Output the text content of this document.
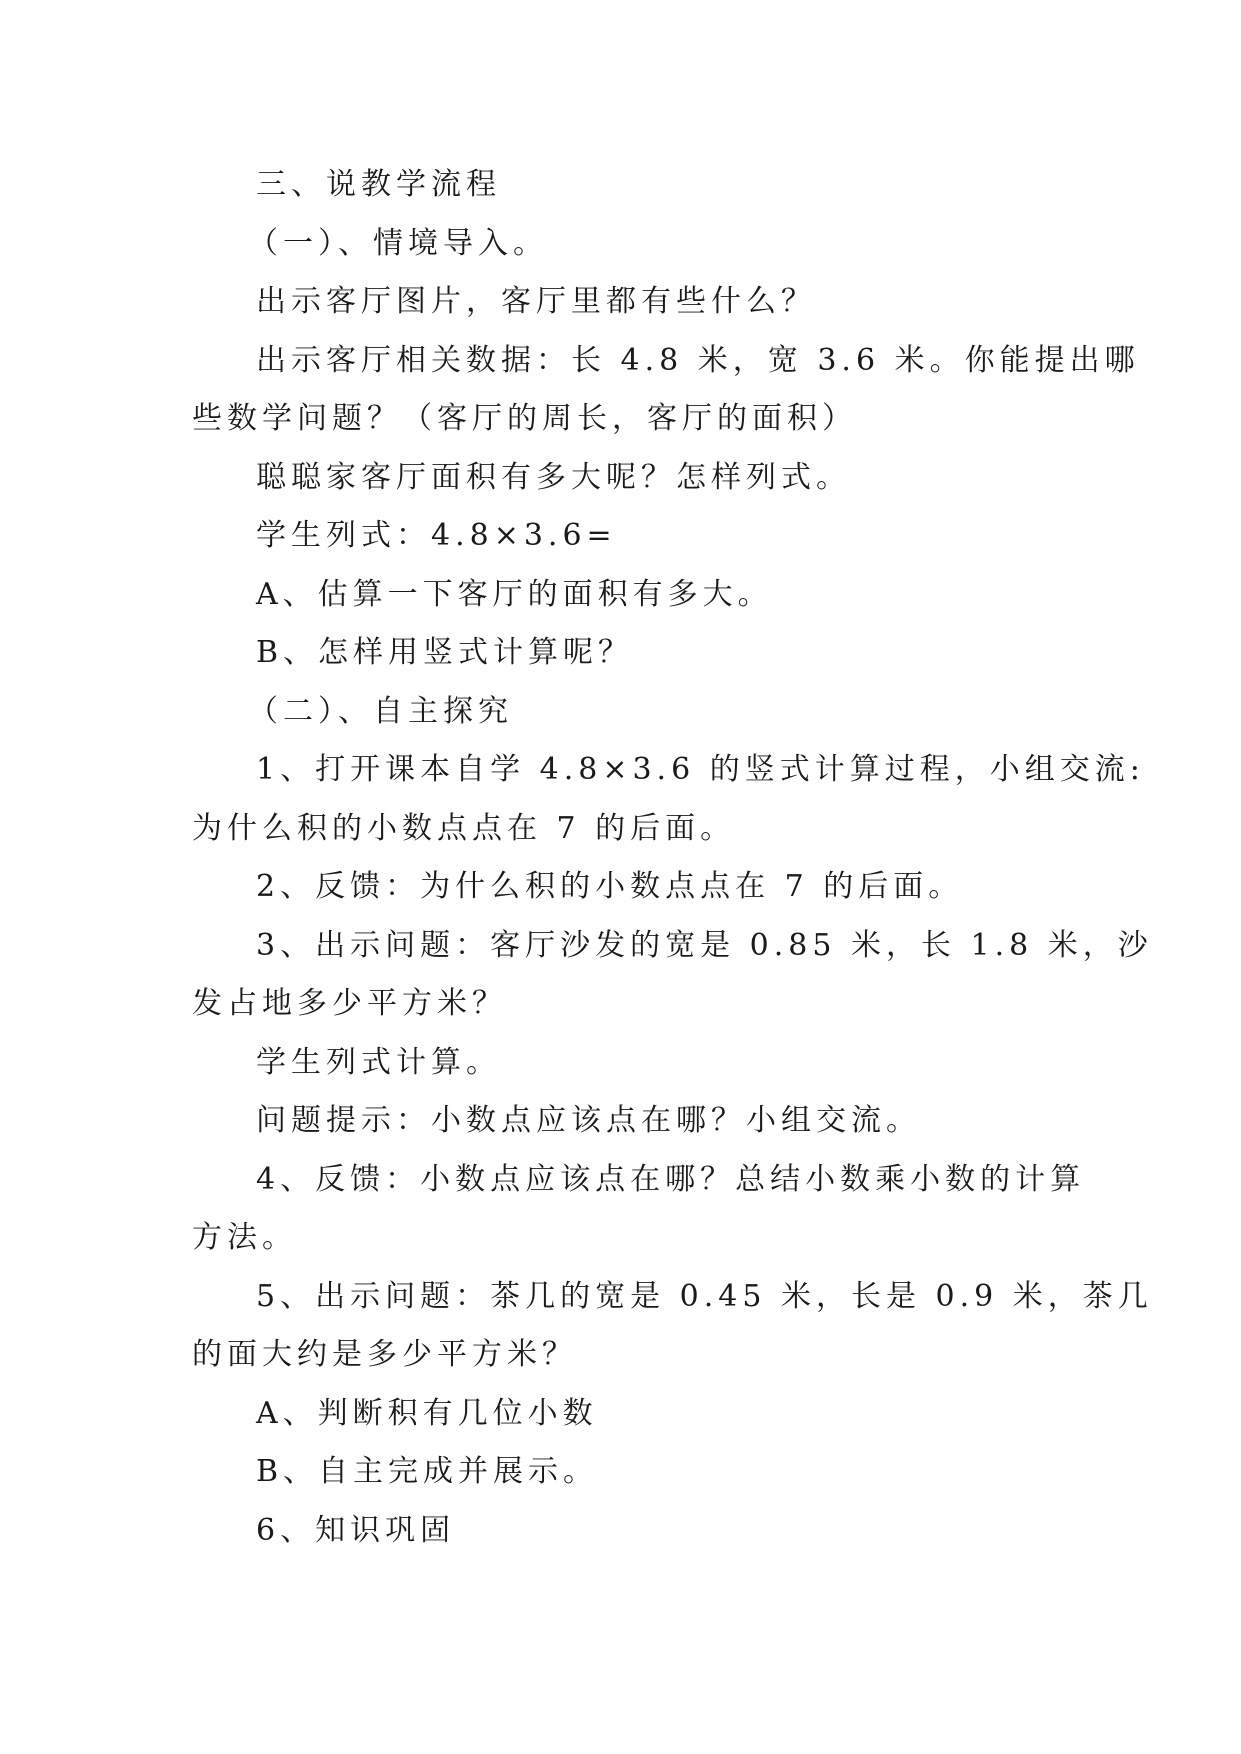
三、说教学流程

（一）、情境导入。

出示客厅图片，客厅里都有些什么？

出示客厅相关数据：长 4.8 米，宽 3.6 米。你能提出哪

些数学问题？（客厅的周长，客厅的面积）

聪聪家客厅面积有多大呢？怎样列式。

学生列式：4.8×3.6=

A、估算一下客厅的面积有多大。

B、怎样用竖式计算呢？

（二）、自主探究

1、打开课本自学 4.8×3.6 的竖式计算过程，小组交流:

为什么积的小数点点在 7 的后面。

2、反馈：为什么积的小数点点在 7 的后面。

3、出示问题：客厅沙发的宽是 0.85 米，长 1.8 米，沙

发占地多少平方米？

学生列式计算。

问题提示：小数点应该点在哪？小组交流。

4、反馈：小数点应该点在哪？总结小数乘小数的计算

方法。

5、出示问题：茶几的宽是 0.45 米，长是 0.9 米，茶几

的面大约是多少平方米？

A、判断积有几位小数

B、自主完成并展示。

6、知识巩固
